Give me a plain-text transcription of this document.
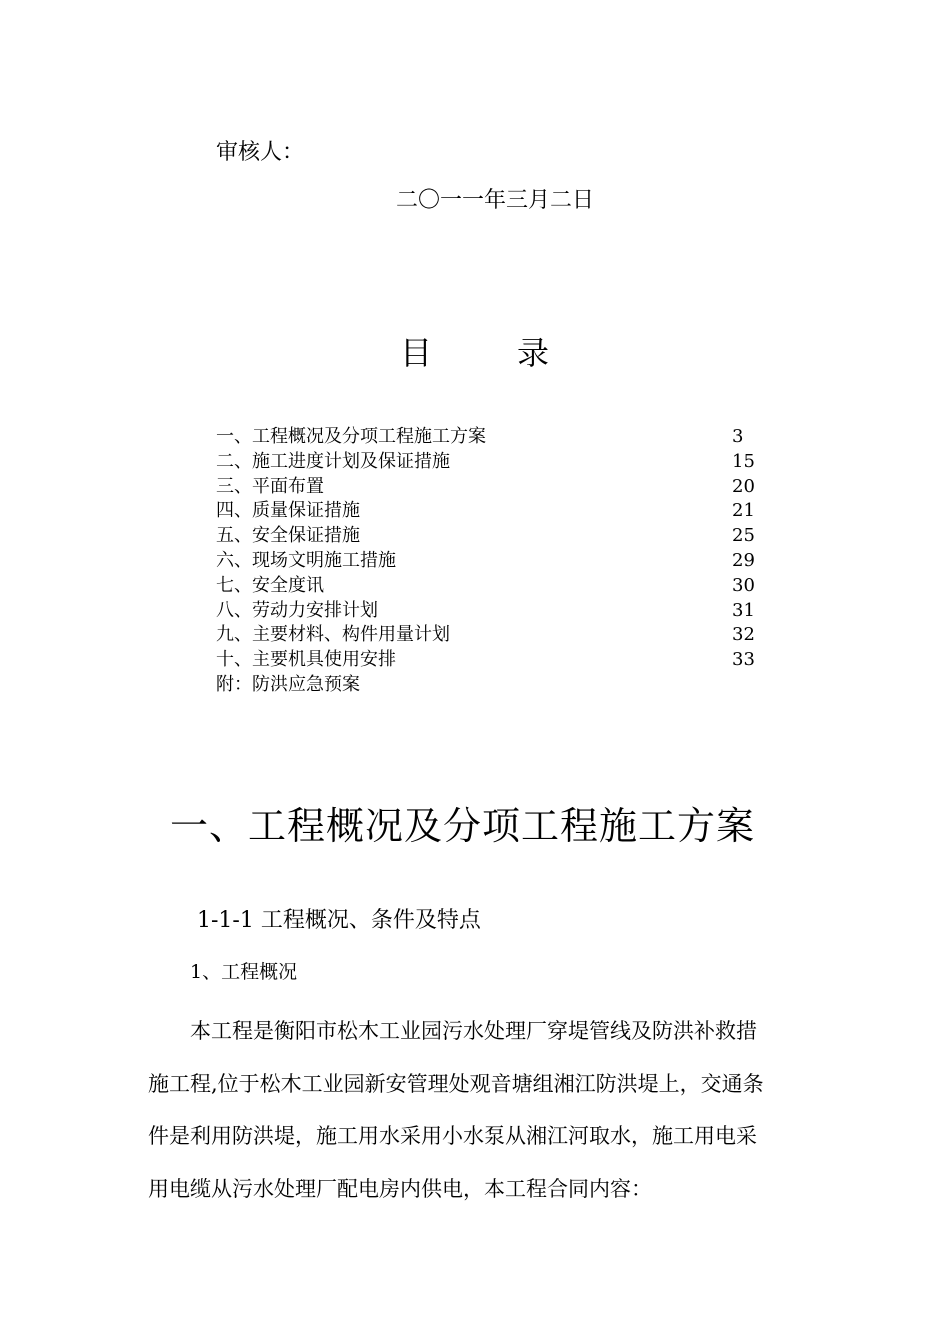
审核人：
二〇一一年三月二日
目	录
一、工程概况及分项工程施工方案	3
二、施工进度计划及保证措施	15
三、平面布置	20
四、质量保证措施	21
五、安全保证措施	25
六、现场文明施工措施	29
七、安全度讯	30
八、劳动力安排计划	31
九、主要材料、构件用量计划	32
十、主要机具使用安排	33
附：防洪应急预案
一、工程概况及分项工程施工方案
1-1-1 工程概况、条件及特点
1、工程概况
本工程是衡阳市松木工业园污水处理厂穿堤管线及防洪补救措
施工程,位于松木工业园新安管理处观音塘组湘江防洪堤上，交通条
件是利用防洪堤，施工用水采用小水泵从湘江河取水，施工用电采
用电缆从污水处理厂配电房内供电，本工程合同内容：
